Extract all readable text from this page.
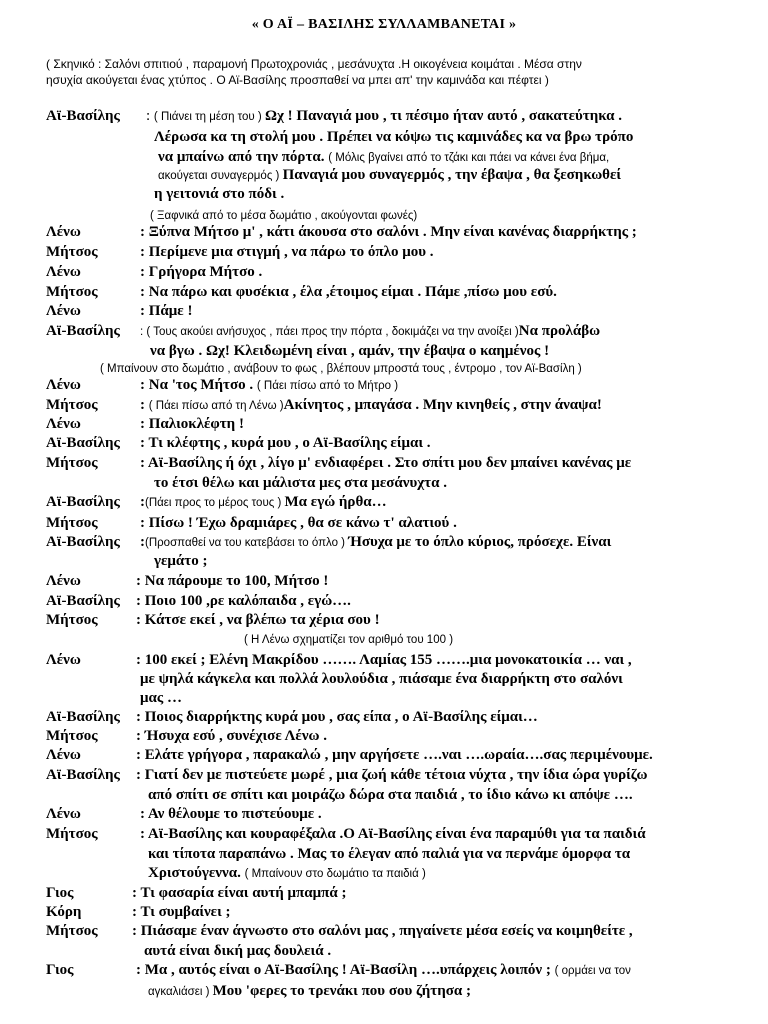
« Ο ΑΪ – ΒΑΣΙΛΗΣ ΣΥΛΛΑΜΒΑΝΕΤΑΙ »
( Σκηνικό : Σαλόνι σπιτιού , παραμονή Πρωτοχρονιάς , μεσάνυχτα .Η οικογένεια κοιμάται . Μέσα στην
ησυχία ακούγεται ένας χτύπος . Ο Αϊ-Βασίλης προσπαθεί να μπει απ' την καμινάδα και πέφτει )
Αϊ-Βασίλης : ( Πιάνει τη μέση του ) Ωχ ! Παναγιά μου , τι πέσιμο ήταν αυτό , σακατεύτηκα .
Λέρωσα κα τη στολή μου . Πρέπει να κόψω τις καμινάδες κα να βρω τρόπο
να μπαίνω από την πόρτα. ( Μόλις βγαίνει από το τζάκι και πάει να κάνει ένα βήμα,
ακούγεται συναγερμός ) Παναγιά μου συναγερμός , την έβαψα , θα ξεσηκωθεί
η γειτονιά στο πόδι .
( Ξαφνικά από το μέσα δωμάτιο , ακούγονται φωνές)
Λένω	: Ξύπνα Μήτσο μ' , κάτι άκουσα στο σαλόνι . Μην είναι κανένας διαρρήκτης ;
Μήτσος	: Περίμενε μια στιγμή , να πάρω το όπλο μου .
Λένω	: Γρήγορα Μήτσο .
Μήτσος	: Να πάρω και φυσέκια , έλα ,έτοιμος είμαι . Πάμε ,πίσω μου εσύ.
Λένω	: Πάμε !
Αϊ-Βασίλης : ( Τους ακούει ανήσυχος , πάει προς την πόρτα , δοκιμάζει να την ανοίξει )Να προλάβω
να βγω . Ωχ! Κλειδωμένη είναι , αμάν, την έβαψα ο καημένος !
( Μπαίνουν στο δωμάτιο , ανάβουν το φως , βλέπουν μπροστά τους , έντρομο , τον Αϊ-Βασίλη )
Λένω	: Να 'τος Μήτσο . ( Πάει πίσω από το Μήτρο )
Μήτσος	: ( Πάει πίσω από τη Λένω )Ακίνητος , μπαγάσα . Μην κινηθείς , στην άναψα!
Λένω	: Παλιοκλέφτη !
Αϊ-Βασίλης : Τι κλέφτης , κυρά μου , ο Αϊ-Βασίλης είμαι .
Μήτσος	: Αϊ-Βασίλης ή όχι , λίγο μ' ενδιαφέρει . Στο σπίτι μου δεν μπαίνει κανένας με
το έτσι θέλω και μάλιστα μες στα μεσάνυχτα .
Αϊ-Βασίλης :(Πάει προς το μέρος τους ) Μα εγώ ήρθα…
Μήτσος	: Πίσω ! Έχω δραμιάρες , θα σε κάνω τ' αλατιού .
Αϊ-Βασίλης :(Προσπαθεί να του κατεβάσει το όπλο ) Ήσυχα με το όπλο κύριος, πρόσεχε. Είναι
γεμάτο ;
Λένω	: Να πάρουμε το 100, Μήτσο !
Αϊ-Βασίλης : Ποιο 100 ,ρε καλόπαιδα , εγώ….
Μήτσος	: Κάτσε εκεί , να βλέπω τα χέρια σου !
( Η Λένω σχηματίζει τον αριθμό του 100 )
Λένω	: 100 εκεί ; Ελένη Μακρίδου ……. Λαμίας 155 …….μια μονοκατοικία … ναι ,
με ψηλά κάγκελα και πολλά λουλούδια , πιάσαμε ένα διαρρήκτη στο σαλόνι
μας …
Αϊ-Βασίλης : Ποιος διαρρήκτης κυρά μου , σας είπα , ο Αϊ-Βασίλης είμαι…
Μήτσος	: Ήσυχα εσύ , συνέχισε Λένω .
Λένω	: Ελάτε γρήγορα , παρακαλώ , μην αργήσετε ….ναι ….ωραία….σας περιμένουμε.
Αϊ-Βασίλης : Γιατί δεν με πιστεύετε μωρέ , μια ζωή κάθε τέτοια νύχτα , την ίδια ώρα γυρίζω
από σπίτι σε σπίτι και μοιράζω δώρα στα παιδιά , το ίδιο κάνω κι απόψε ….
Λένω	: Αν θέλουμε το πιστεύουμε .
Μήτσος	: Αϊ-Βασίλης και κουραφέξαλα .Ο Αϊ-Βασίλης είναι ένα παραμύθι για τα παιδιά
και τίποτα παραπάνω . Μας το έλεγαν από παλιά για να περνάμε όμορφα τα
Χριστούγεννα. ( Μπαίνουν στο δωμάτιο τα παιδιά )
Γιος	: Τι φασαρία είναι αυτή μπαμπά ;
Κόρη	: Τι συμβαίνει ;
Μήτσος : Πιάσαμε έναν άγνωστο στο σαλόνι μας , πηγαίνετε μέσα εσείς να κοιμηθείτε ,
αυτά είναι δική μας δουλειά .
Γιος	: Μα , αυτός είναι ο Αϊ-Βασίλης ! Αϊ-Βασίλη ….υπάρχεις λοιπόν ; ( ορμάει να τον
αγκαλιάσει ) Μου 'φερες το τρενάκι που σου ζήτησα ;
